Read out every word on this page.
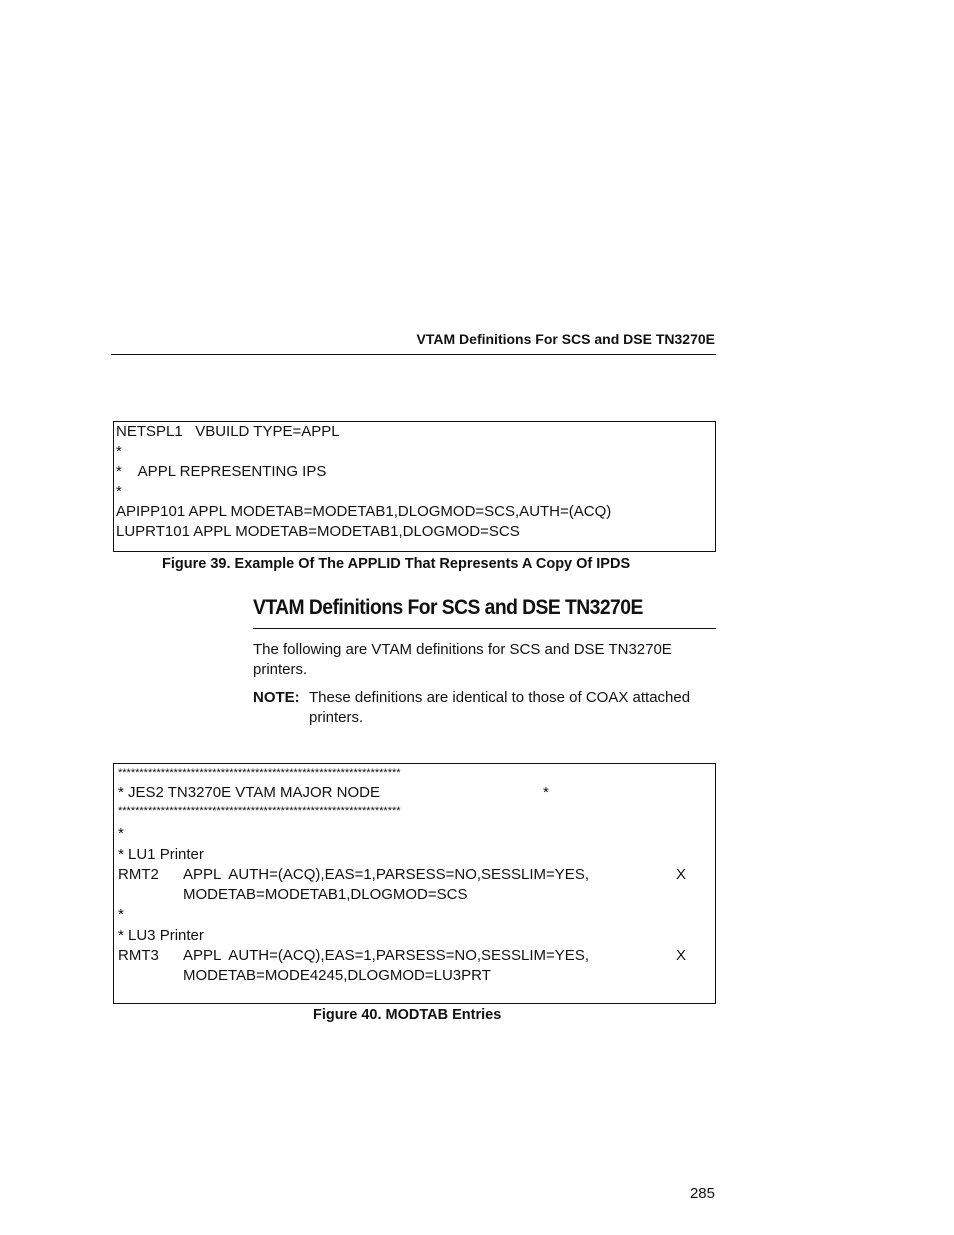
VTAM Definitions For SCS and DSE TN3270E
NETSPL1   VBUILD TYPE=APPL
*
*    APPL REPRESENTING IPS
*
APIPP101 APPL MODETAB=MODETAB1,DLOGMOD=SCS,AUTH=(ACQ)
LUPRT101 APPL MODETAB=MODETAB1,DLOGMOD=SCS
Figure 39. Example Of The APPLID That Represents A Copy Of IPDS
VTAM Definitions For SCS and DSE TN3270E
The following are VTAM definitions for SCS and DSE TN3270E printers.
NOTE: These definitions are identical to those of COAX attached printers.
******************************************************************
* JES2 TN3270E VTAM MAJOR NODE	*
******************************************************************
*
* LU1 Printer
RMT2 APPL  AUTH=(ACQ),EAS=1,PARSESS=NO,SESSLIM=YES,	X
MODETAB=MODETAB1,DLOGMOD=SCS
*
* LU3 Printer
RMT3 APPL  AUTH=(ACQ),EAS=1,PARSESS=NO,SESSLIM=YES,	X
MODETAB=MODE4245,DLOGMOD=LU3PRT
Figure 40. MODTAB Entries
285
